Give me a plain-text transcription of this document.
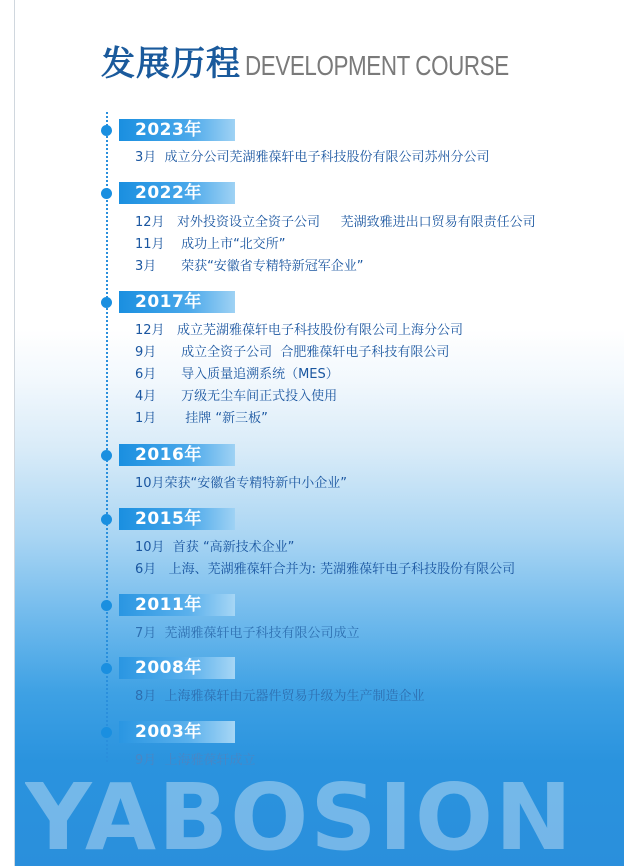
发展历程 DEVELOPMENT COURSE
2023年
3月  成立分公司芜湖雅葆轩电子科技股份有限公司苏州分公司
2022年
12月   对外投资设立全资子公司     芜湖致雅进出口贸易有限责任公司
11月    成功上市“北交所”
3月      荣获“安徽省专精特新冠军企业”
2017年
12月   成立芜湖雅葆轩电子科技股份有限公司上海分公司
9月      成立全资子公司  合肥雅葆轩电子科技有限公司
6月      导入质量追溯系统（MES）
4月      万级无尘车间正式投入使用
1月       挂牌 “新三板”
2016年
10月荣获“安徽省专精特新中小企业”
2015年
10月  首获 “高新技术企业”
6月   上海、芜湖雅葆轩合并为: 芜湖雅葆轩电子科技股份有限公司
2011年
7月  芜湖雅葆轩电子科技有限公司成立
2008年
8月  上海雅葆轩由元器件贸易升级为生产制造企业
2003年
9月  上海雅葆轩成立
YABOSION
